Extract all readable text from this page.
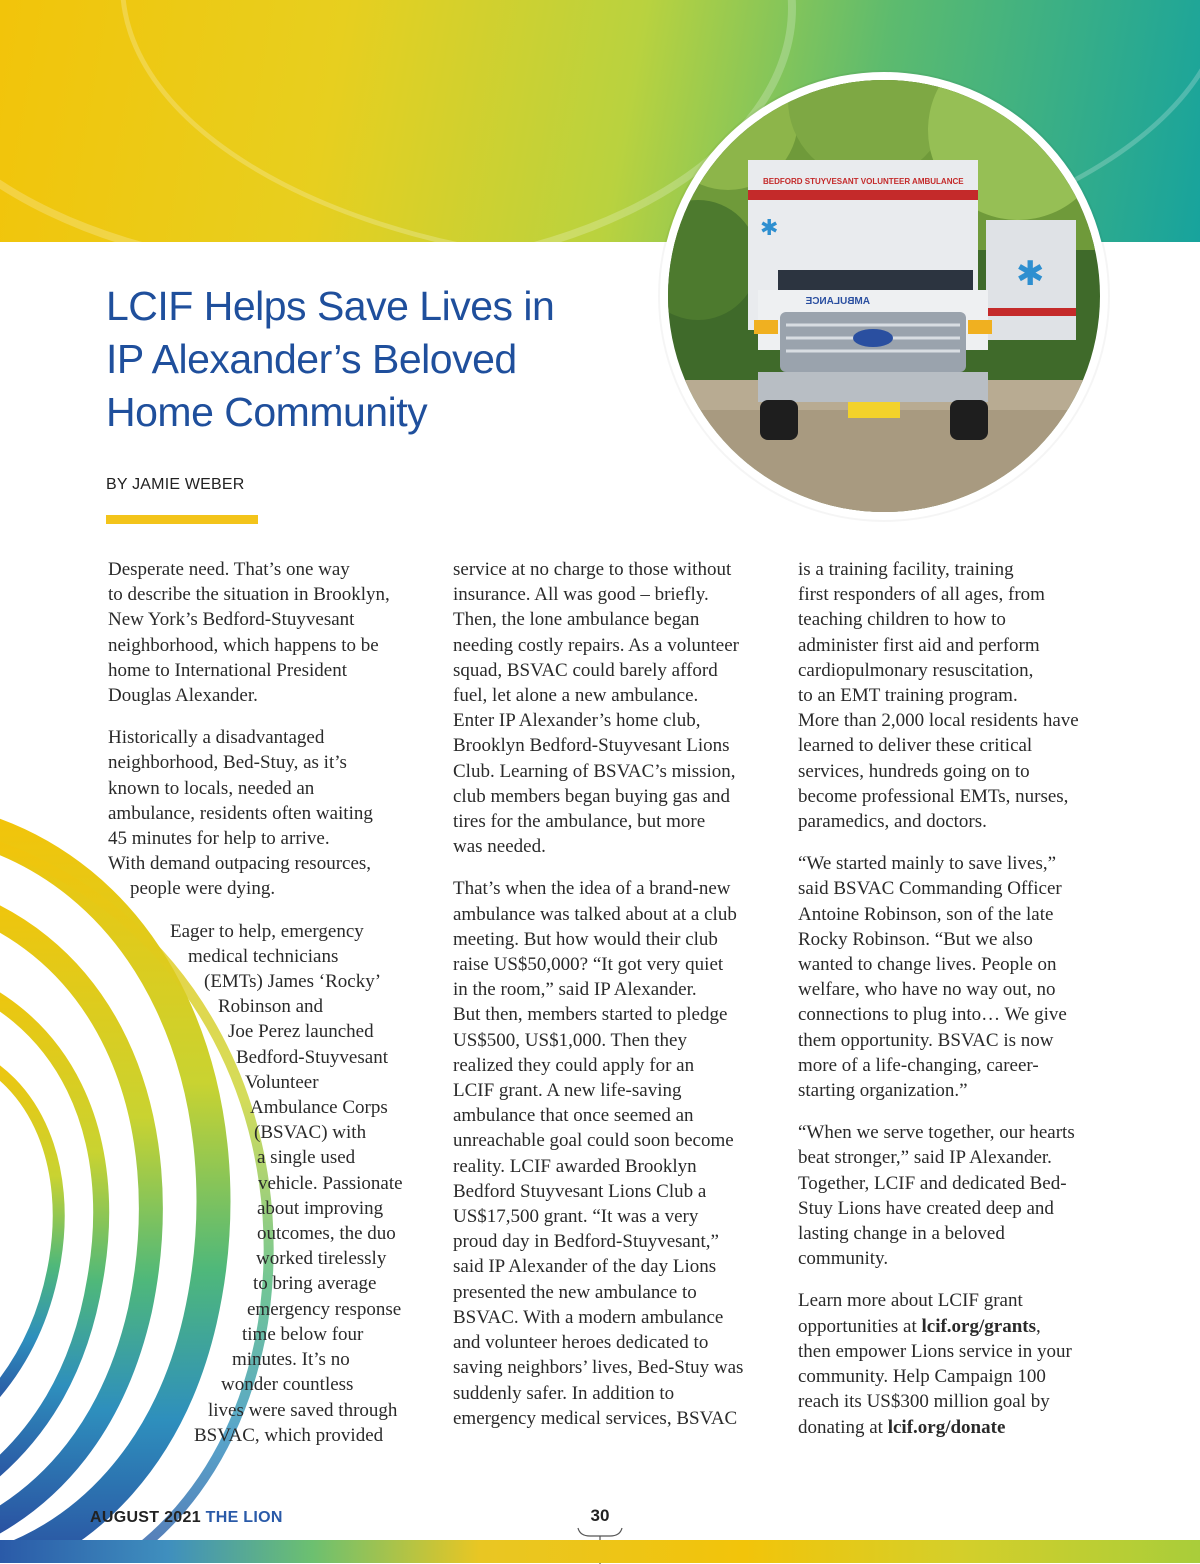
BEDFORD STUYVESANT VOLUNTEER AMBULANCE
AMBULANCE
✱
✱
LCIF Helps Save Lives in
IP Alexander’s Beloved
Home Community
BY JAMIE WEBER

Desperate need. That’s one way
to describe the situation in Brooklyn,
New York’s Bedford-Stuyvesant
neighborhood, which happens to be
home to International President
Douglas Alexander.

Historically a disadvantaged
neighborhood, Bed-Stuy, as it’s
known to locals, needed an
ambulance, residents often waiting
45 minutes for help to arrive.
With demand outpacing resources,
people were dying.

Eager to help, emergency
medical technicians
(EMTs) James ‘Rocky’
Robinson and
Joe Perez launched
Bedford-Stuyvesant
Volunteer
Ambulance Corps
(BSVAC) with
a single used
vehicle. Passionate
about improving
outcomes, the duo
worked tirelessly
to bring average
emergency response
time below four
minutes. It’s no
wonder countless
lives were saved through
BSVAC, which provided

service at no charge to those without
insurance. All was good – briefly.
Then, the lone ambulance began
needing costly repairs. As a volunteer
squad, BSVAC could barely afford
fuel, let alone a new ambulance.
Enter IP Alexander’s home club,
Brooklyn Bedford-Stuyvesant Lions
Club. Learning of BSVAC’s mission,
club members began buying gas and
tires for the ambulance, but more
was needed.

That’s when the idea of a brand-new
ambulance was talked about at a club
meeting. But how would their club
raise US$50,000? “It got very quiet
in the room,” said IP Alexander.
But then, members started to pledge
US$500, US$1,000. Then they
realized they could apply for an
LCIF grant. A new life-saving
ambulance that once seemed an
unreachable goal could soon become
reality. LCIF awarded Brooklyn
Bedford Stuyvesant Lions Club a
US$17,500 grant. “It was a very
proud day in Bedford-Stuyvesant,”
said IP Alexander of the day Lions
presented the new ambulance to
BSVAC. With a modern ambulance
and volunteer heroes dedicated to
saving neighbors’ lives, Bed-Stuy was
suddenly safer. In addition to
emergency medical services, BSVAC

is a training facility, training
first responders of all ages, from
teaching children to how to
administer first aid and perform
cardiopulmonary resuscitation,
to an EMT training program.
More than 2,000 local residents have
learned to deliver these critical
services, hundreds going on to
become professional EMTs, nurses,
paramedics, and doctors.

“We started mainly to save lives,”
said BSVAC Commanding Officer
Antoine Robinson, son of the late
Rocky Robinson. “But we also
wanted to change lives. People on
welfare, who have no way out, no
connections to plug into… We give
them opportunity. BSVAC is now
more of a life-changing, career-
starting organization.”

“When we serve together, our hearts
beat stronger,” said IP Alexander.
Together, LCIF and dedicated Bed-
Stuy Lions have created deep and
lasting change in a beloved
community.

Learn more about LCIF grant
opportunities at lcif.org/grants,
then empower Lions service in your
community. Help Campaign 100
reach its US$300 million goal by
donating at lcif.org/donate

AUGUST 2021 THE LION	30
